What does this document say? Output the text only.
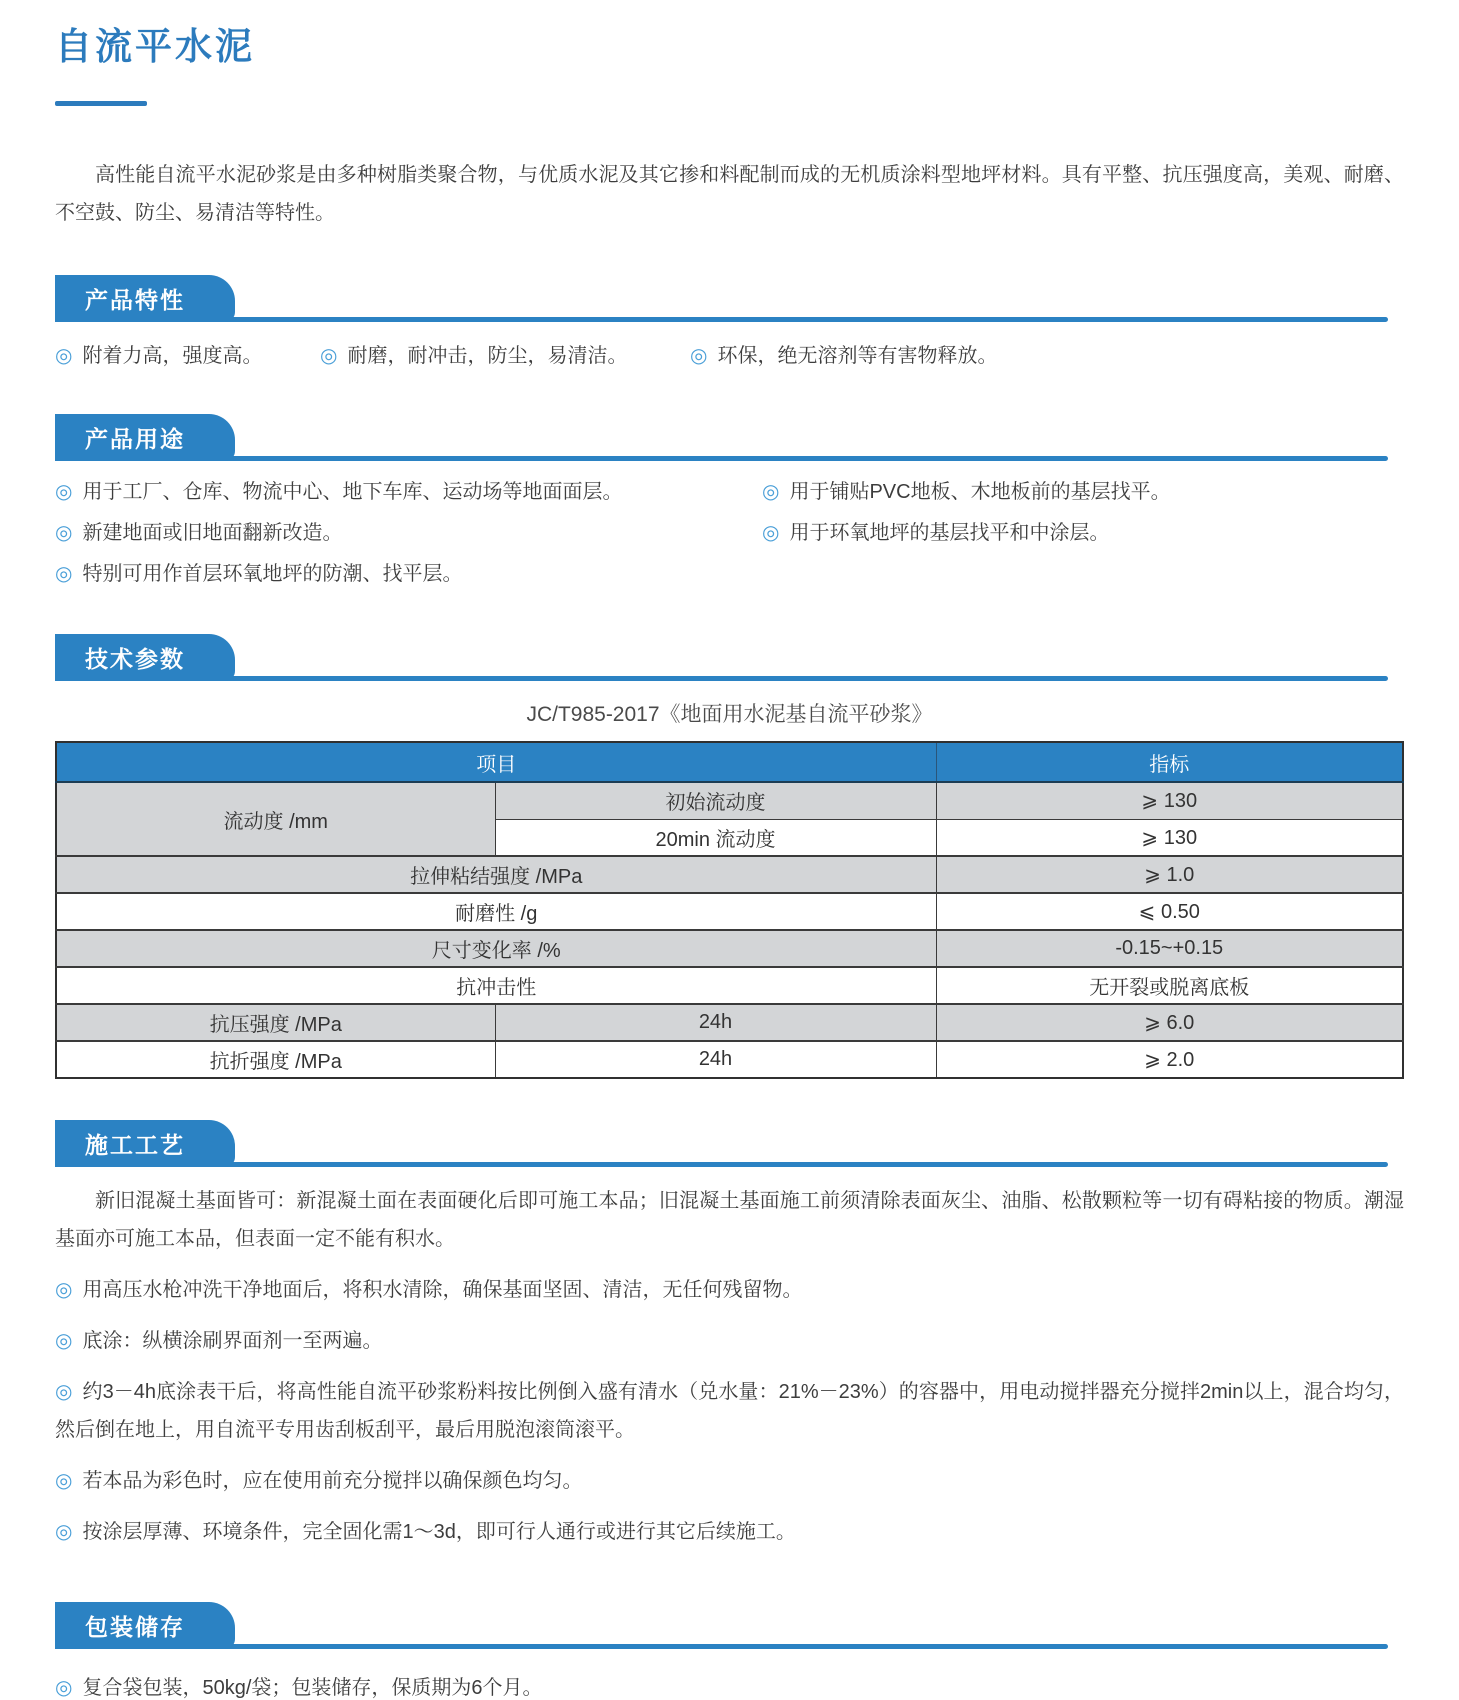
自流平水泥

高性能自流平水泥砂浆是由多种树脂类聚合物，与优质水泥及其它掺和料配制而成的无机质涂料型地坪材料。具有平整、抗压强度高，美观、耐磨、不空鼓、防尘、易清洁等特性。

产品特性
◎ 附着力高，强度高。	◎ 耐磨，耐冲击，防尘，易清洁。	◎ 环保，绝无溶剂等有害物释放。
产品用途
◎ 用于工厂、仓库、物流中心、地下车库、运动场等地面面层。
◎ 新建地面或旧地面翻新改造。
◎ 特别可用作首层环氧地坪的防潮、找平层。
◎ 用于铺贴PVC地板、木地板前的基层找平。
◎ 用于环氧地坪的基层找平和中涂层。
技术参数

JC/T985-2017《地面用水泥基自流平砂浆》

项目		指标
流动度 /mm	初始流动度	⩾ 130
	20min 流动度	⩾ 130
拉伸粘结强度 /MPa		⩾ 1.0
耐磨性 /g		⩽ 0.50
尺寸变化率 /%		-0.15~+0.15
抗冲击性		无开裂或脱离底板
抗压强度 /MPa	24h	⩾ 6.0
抗折强度 /MPa	24h	⩾ 2.0
施工工艺

新旧混凝土基面皆可：新混凝土面在表面硬化后即可施工本品；旧混凝土基面施工前须清除表面灰尘、油脂、松散颗粒等一切有碍粘接的物质。潮湿基面亦可施工本品，但表面一定不能有积水。

◎ 用高压水枪冲洗干净地面后，将积水清除，确保基面坚固、清洁，无任何残留物。

◎ 底涂：纵横涂刷界面剂一至两遍。

◎ 约3－4h底涂表干后，将高性能自流平砂浆粉料按比例倒入盛有清水（兑水量：21%－23%）的容器中，用电动搅拌器充分搅拌2min以上，混合均匀，然后倒在地上，用自流平专用齿刮板刮平，最后用脱泡滚筒滚平。

◎ 若本品为彩色时，应在使用前充分搅拌以确保颜色均匀。

◎ 按涂层厚薄、环境条件，完全固化需1～3d，即可行人通行或进行其它后续施工。

包装储存

◎ 复合袋包装，50kg/袋；包装储存，保质期为6个月。
